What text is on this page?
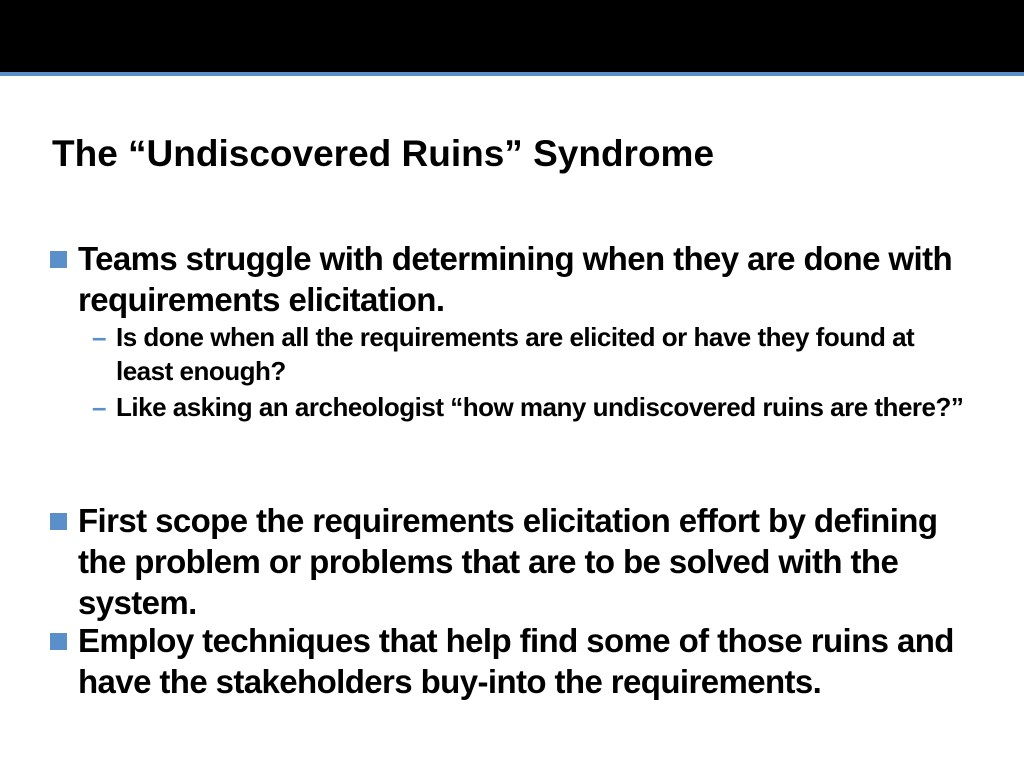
The “Undiscovered Ruins” Syndrome
Teams struggle with determining when they are done with requirements elicitation.
– Is done when all the requirements are elicited or have they found at least enough?
– Like asking an archeologist “how many undiscovered ruins are there?”
First scope the requirements elicitation effort by defining the problem or problems that are to be solved with the system.
Employ techniques that help find some of those ruins and have the stakeholders buy-into the requirements.
